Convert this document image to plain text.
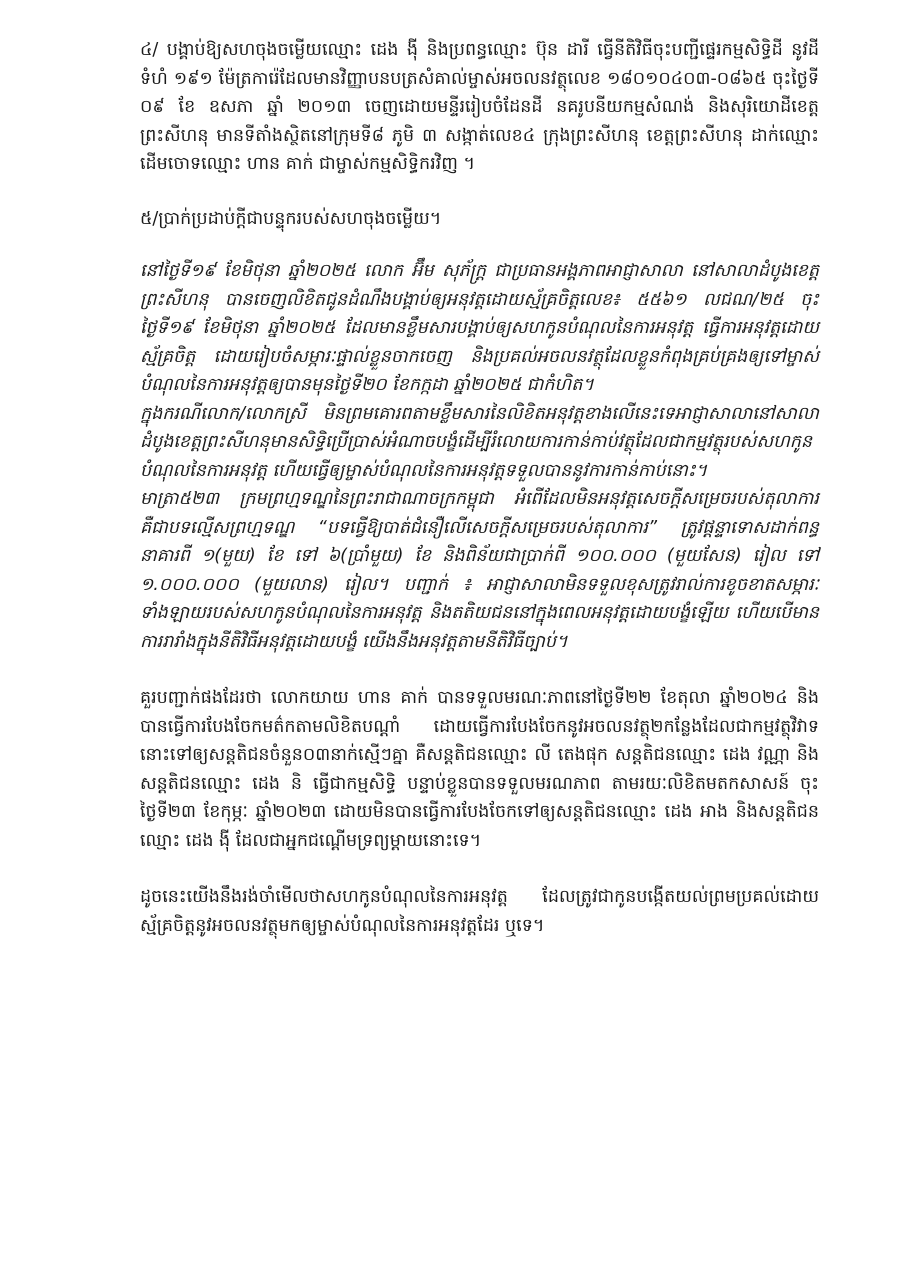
៤/ បង្គាប់ឱ្យសហចុងចម្លើយឈ្មោះ ដេង ង៉ី និងប្រពន្ធឈ្មោះ ប៊ុន ដារី ធ្វើនីតិវិធីចុះបញ្ជីផ្ទេរកម្មសិទ្ធិដី នូវដីទំហំ ១៩១ ម៉ែត្រការ៉េដែលមានវិញ្ញាបនបត្រសំគាល់ម្ចាស់អចលនវត្ថុលេខ ១៨០១០៤០៣-០៨៦៥ ចុះថ្ងៃទី ០៩ ខែ ឧសភា ឆ្នាំ ២០១៣ ចេញដោយមន្ទីររៀបចំដែនដី នគរូបនីយកម្មសំណង់ និងសុរិយោដីខេត្តព្រះសីហនុ មានទីតាំងស្ថិតនៅក្រុមទី៨ ភូមិ ៣ សង្កាត់លេខ៤ ក្រុងព្រះសីហនុ ខេត្តព្រះសីហនុ ដាក់ឈ្មោះដើមចោទឈ្មោះ ហាន គាក់ ជាម្ចាស់កម្មសិទ្ធិករវិញ ។

៥/ប្រាក់ប្រដាប់ក្តីជាបន្ទុករបស់សហចុងចម្លើយ។

នៅថ្ងៃទី១៩ ខែមិថុនា ឆ្នាំ២០២៥ លោក អ៊ឹម សុភ័ក្ត្រ ជាប្រធានអង្គភាពអាជ្ញាសាលា នៅសាលាដំបូងខេត្តព្រះសីហនុ បានចេញលិខិតជូនដំណឹងបង្គាប់ឲ្យអនុវត្តដោយស្ម័គ្រចិត្តលេខ៖ ៥៥៦១ លជណ/២៥ ចុះថ្ងៃទី១៩ ខែមិថុនា ឆ្នាំ២០២៥ ដែលមានខ្លឹមសារបង្គាប់ឲ្យសហកូនបំណុលនៃការអនុវត្ត ធ្វើការអនុវត្តដោយស្ម័គ្រចិត្ត ដោយរៀបចំសម្ភារៈផ្ទាល់ខ្លួនចាកចេញ និងប្រគល់អចលនវត្ថុដែលខ្លួនកំពុងគ្រប់គ្រងឲ្យទៅម្ចាស់បំណុលនៃការអនុវត្តឲ្យបានមុនថ្ងៃទី២០ ខែកក្កដា ឆ្នាំ២០២៥ ជាកំហិត។

ក្នុងករណីលោក/លោកស្រី មិនព្រមគោរពតាមខ្លឹមសារនៃលិខិតអនុវត្តខាងលើនេះទេអាជ្ញាសាលានៅសាលាដំបូងខេត្តព្រះសីហនុមានសិទ្ធិប្រើប្រាស់អំណាចបង្ខំដើម្បីរំលោយការកាន់កាប់វត្ថុដែលជាកម្មវត្ថុរបស់សហកូនបំណុលនៃការអនុវត្ត ហើយធ្វើឲ្យម្ចាស់បំណុលនៃការអនុវត្តទទួលបាននូវការកាន់កាប់នោះ។

មាត្រា៥២៣ ក្រមព្រហ្មទណ្ឌនៃព្រះរាជាណាចក្រកម្ពុជា អំពើដែលមិនអនុវត្តសេចក្តីសម្រេចរបស់តុលាការ គឺជាបទល្មើសព្រហ្មទណ្ឌ “បទធ្វើឱ្យបាត់ជំនឿលើសេចក្តីសម្រេចរបស់តុលាការ” ត្រូវផ្តន្ទាទោសដាក់ពន្ធនាគារពី ១(មួយ) ខែ ទៅ ៦(ប្រាំមួយ) ខែ និងពិន័យជាប្រាក់ពី ១០០.០០០ (មួយសែន) រៀល ទៅ ១.០០០.០០០ (មួយលាន) រៀល។ បញ្ជាក់ ៖ អាជ្ញាសាលាមិនទទួលខុសត្រូវរាល់ការខូចខាតសម្ភារៈទាំងឡាយរបស់សហកូនបំណុលនៃការអនុវត្ត និងតតិយជននៅក្នុងពេលអនុវត្តដោយបង្ខំឡើយ ហើយបើមានការរារាំងក្នុងនីតិវិធីអនុវត្តដោយបង្ខំ យើងនឹងអនុវត្តតាមនីតិវិធីច្បាប់។

គួរបញ្ជាក់ផងដែរថា លោកយាយ ហាន គាក់ បានទទួលមរណៈភាពនៅថ្ងៃទី២២ ខែតុលា ឆ្នាំ២០២៤ និងបានធ្វើការបែងចែកមត៌កតាមលិខិតបណ្តាំ ដោយធ្វើការបែងចែកនូវអចលនវត្ថុ២កន្លែងដែលជាកម្មវត្ថុវិវាទនោះទៅឲ្យសន្តតិជនចំនួន០៣នាក់ស្មើៗគ្នា គឺសន្តតិជនឈ្មោះ លី តេងផុក សន្តតិជនឈ្មោះ ដេង វណ្ណា និងសន្តតិជនឈ្មោះ ដេង និ ធ្វើជាកម្មសិទ្ធិ បន្ទាប់ខ្លួនបានទទួលមរណភាព តាមរយៈលិខិតមតកសាសន៍ ចុះថ្ងៃទី២៣ ខែកុម្ភៈ ឆ្នាំ២០២៣ ដោយមិនបានធ្វើការបែងចែកទៅឲ្យសន្តតិជនឈ្មោះ ដេង អាង និងសន្តតិជនឈ្មោះ ដេង ង៉ី ដែលជាអ្នកជណ្តើមទ្រព្យម្តាយនោះទេ។

ដូចនេះយើងនឹងរង់ចាំមើលថាសហកូនបំណុលនៃការអនុវត្ត ដែលត្រូវជាកូនបង្កើតយល់ព្រមប្រគល់ដោយស្ម័គ្រចិត្តនូវអចលនវត្ថុមកឲ្យម្ចាស់បំណុលនៃការអនុវត្តដែរ ឬទេ។
